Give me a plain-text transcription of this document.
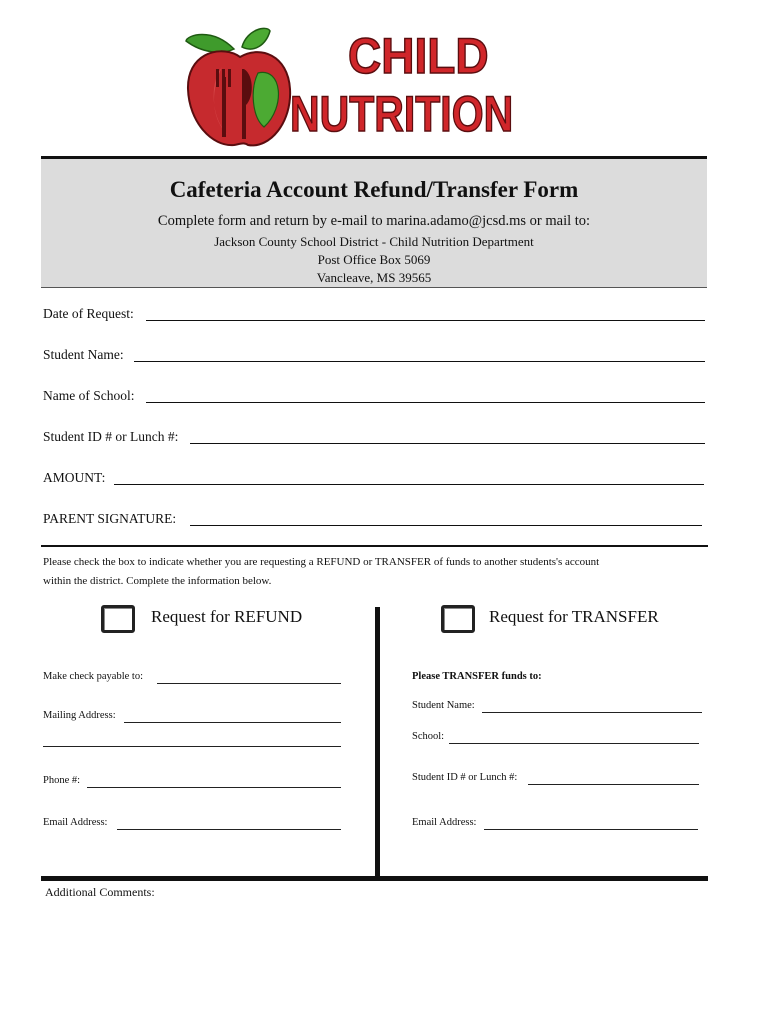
CHILD
NUTRITION
Cafeteria Account Refund/Transfer Form
Complete form and return by e-mail to marina.adamo@jcsd.ms or mail to:
Jackson County School District - Child Nutrition Department
Post Office Box 5069
Vancleave, MS 39565
Date of Request:
Student Name:
Name of School:
Student ID # or Lunch #:
AMOUNT:
PARENT SIGNATURE:
Please check the box to indicate whether you are requesting a REFUND or TRANSFER of funds to another students's account
within the district. Complete the information below.
Request for REFUND
Make check payable to:
Mailing Address:
Phone #:
Email Address:
Request for TRANSFER
Please TRANSFER funds to:
Student Name:
School:
Student ID # or Lunch #:
Email Address:
Additional Comments:
